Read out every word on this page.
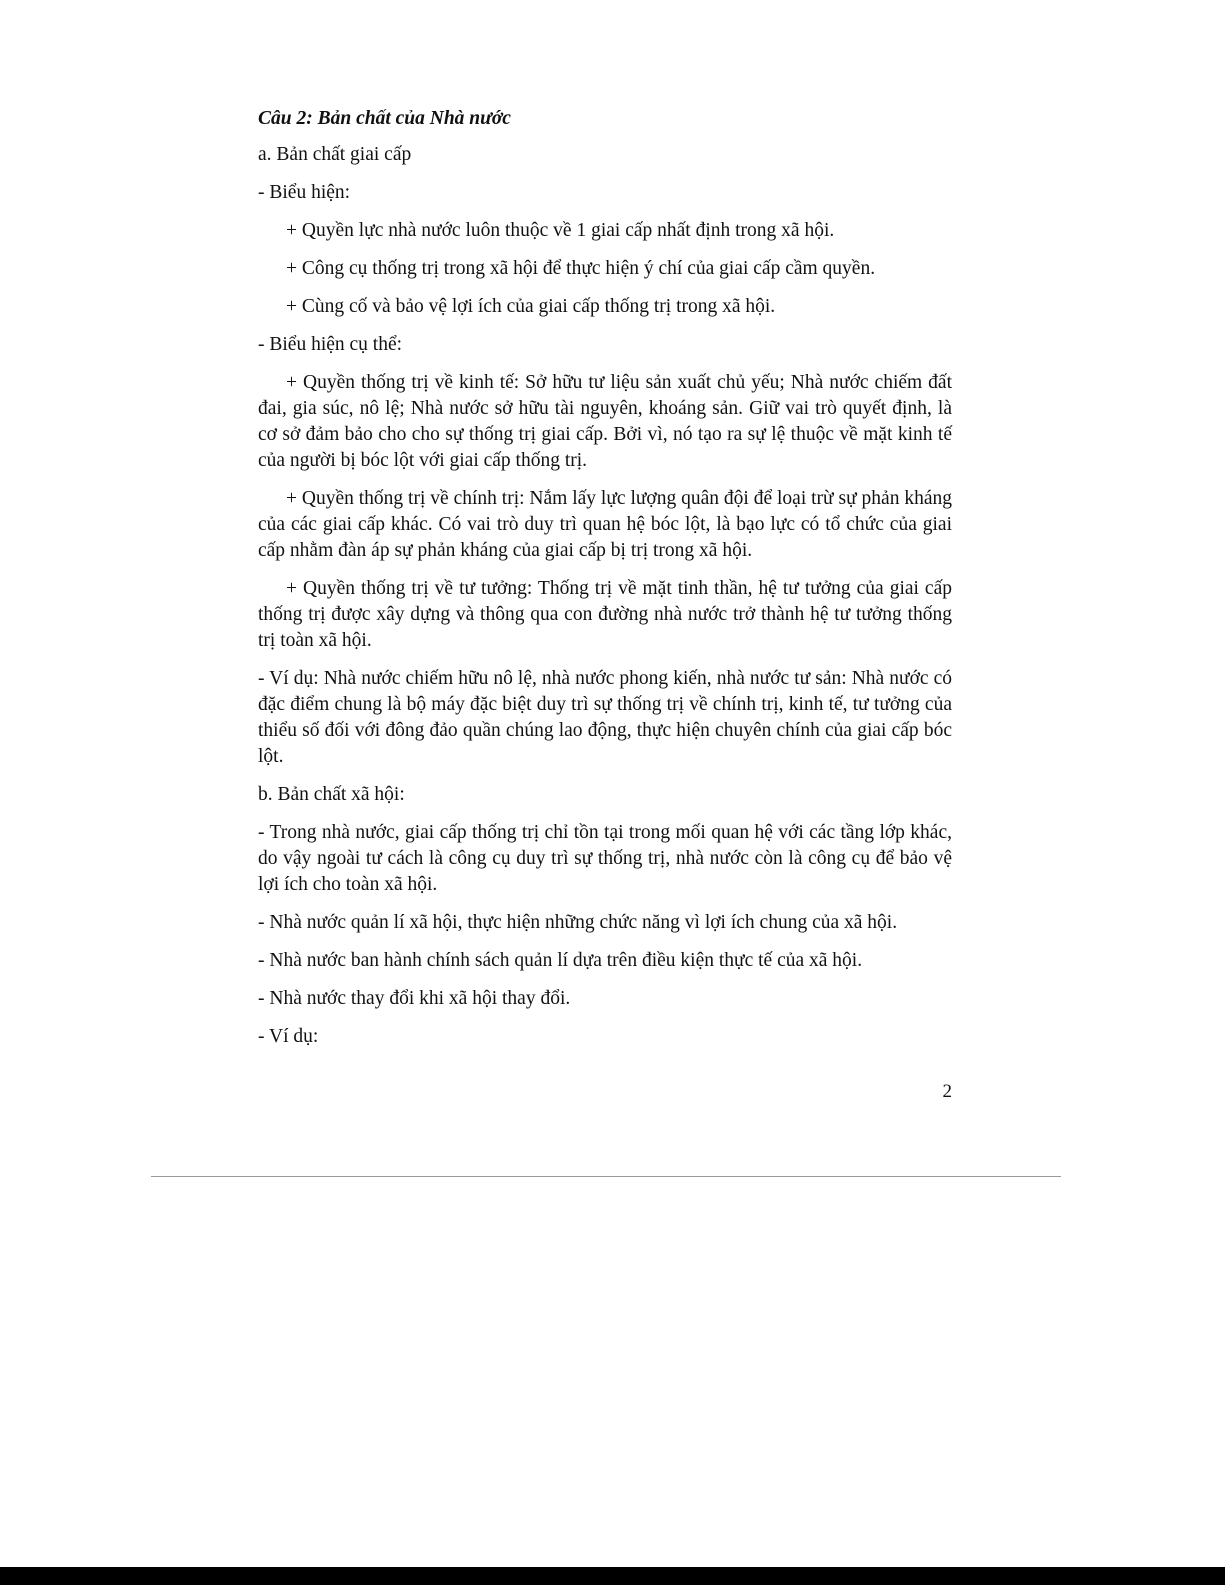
Câu 2: Bản chất của Nhà nước
a. Bản chất giai cấp
- Biểu hiện:
+ Quyền lực nhà nước luôn thuộc về 1 giai cấp nhất định trong xã hội.
+ Công cụ thống trị trong xã hội để thực hiện ý chí của giai cấp cầm quyền.
+ Cùng cố và bảo vệ lợi ích của giai cấp thống trị trong xã hội.
- Biểu hiện cụ thể:
+ Quyền thống trị về kinh tế: Sở hữu tư liệu sản xuất chủ yếu; Nhà nước chiếm đất đai, gia súc, nô lệ; Nhà nước sở hữu tài nguyên, khoáng sản. Giữ vai trò quyết định, là cơ sở đảm bảo cho cho sự thống trị giai cấp. Bởi vì, nó tạo ra sự lệ thuộc về mặt kinh tế của người bị bóc lột với giai cấp thống trị.
+ Quyền thống trị về chính trị: Nắm lấy lực lượng quân đội để loại trừ sự phản kháng của các giai cấp khác. Có vai trò duy trì quan hệ bóc lột, là bạo lực có tổ chức của giai cấp nhằm đàn áp sự phản kháng của giai cấp bị trị trong xã hội.
+ Quyền thống trị về tư tưởng: Thống trị về mặt tinh thần, hệ tư tưởng của giai cấp thống trị được xây dựng và thông qua con đường nhà nước trở thành hệ tư tưởng thống trị toàn xã hội.
- Ví dụ: Nhà nước chiếm hữu nô lệ, nhà nước phong kiến, nhà nước tư sản: Nhà nước có đặc điểm chung là bộ máy đặc biệt duy trì sự thống trị về chính trị, kinh tế, tư tưởng của thiểu số đối với đông đảo quần chúng lao động, thực hiện chuyên chính của giai cấp bóc lột.
b. Bản chất xã hội:
- Trong nhà nước, giai cấp thống trị chỉ tồn tại trong mối quan hệ với các tầng lớp khác, do vậy ngoài tư cách là công cụ duy trì sự thống trị, nhà nước còn là công cụ để bảo vệ lợi ích cho toàn xã hội.
- Nhà nước quản lí xã hội, thực hiện những chức năng vì lợi ích chung của xã hội.
- Nhà nước ban hành chính sách quản lí dựa trên điều kiện thực tế của xã hội.
- Nhà nước thay đổi khi xã hội thay đổi.
- Ví dụ:
2
